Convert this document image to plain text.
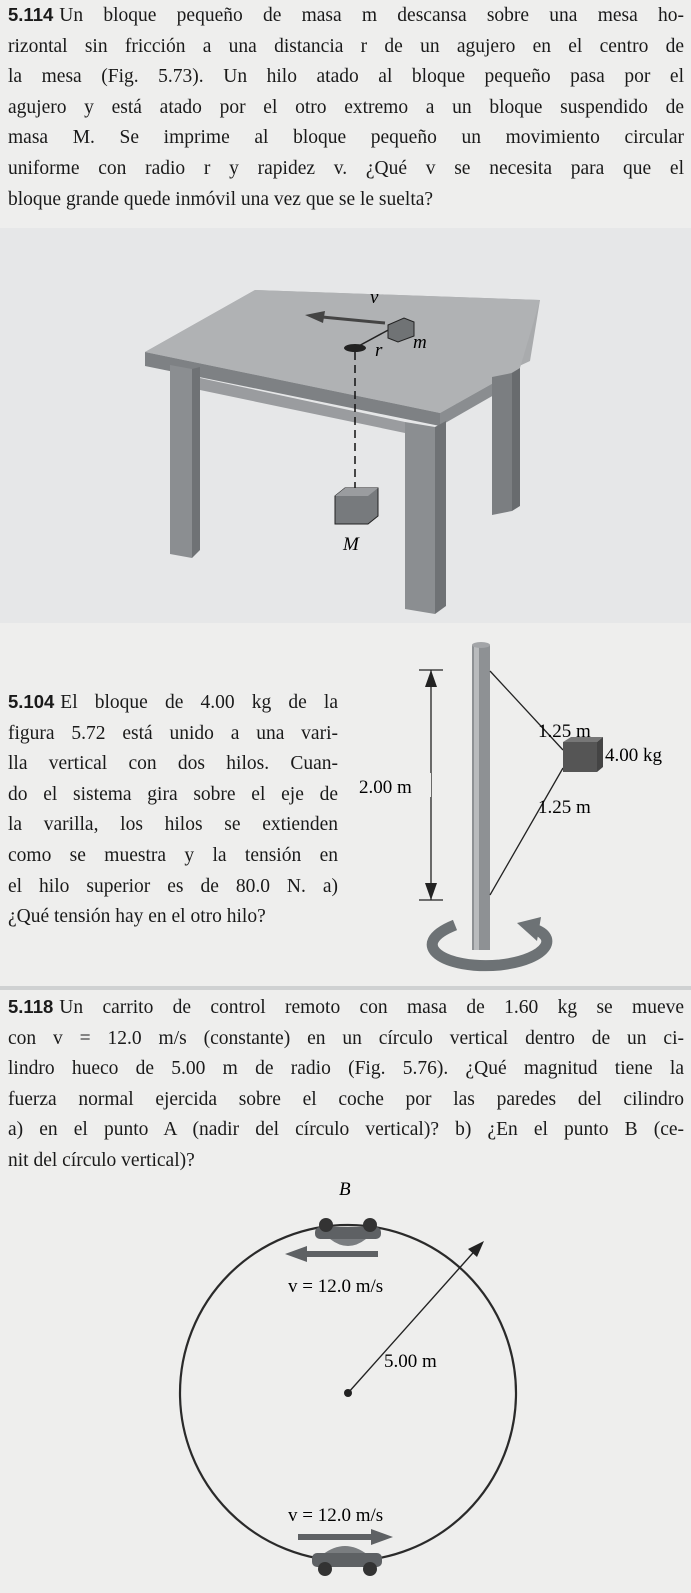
5.114 Un bloque pequeño de masa m descansa sobre una mesa ho-
rizontal sin fricción a una distancia r de un agujero en el centro de
la mesa (Fig. 5.73). Un hilo atado al bloque pequeño pasa por el
agujero y está atado por el otro extremo a un bloque suspendido de
masa M. Se imprime al bloque pequeño un movimiento circular
uniforme con radio r y rapidez v. ¿Qué v se necesita para que el
bloque grande quede inmóvil una vez que se le suelta?
v
r m
M
5.104 El bloque de 4.00 kg de la
figura 5.72 está unido a una vari-
lla vertical con dos hilos. Cuan-
do el sistema gira sobre el eje de
la varilla, los hilos se extienden
como se muestra y la tensión en
el hilo superior es de 80.0 N. a)
¿Qué tensión hay en el otro hilo?
2.00 m
1.25 m
1.25 m
4.00 kg
5.118 Un carrito de control remoto con masa de 1.60 kg se mueve
con v = 12.0 m/s (constante) en un círculo vertical dentro de un ci-
lindro hueco de 5.00 m de radio (Fig. 5.76). ¿Qué magnitud tiene la
fuerza normal ejercida sobre el coche por las paredes del cilindro
a) en el punto A (nadir del círculo vertical)? b) ¿En el punto B (ce-
nit del círculo vertical)?
B
v = 12.0 m/s
5.00 m
v = 12.0 m/s
